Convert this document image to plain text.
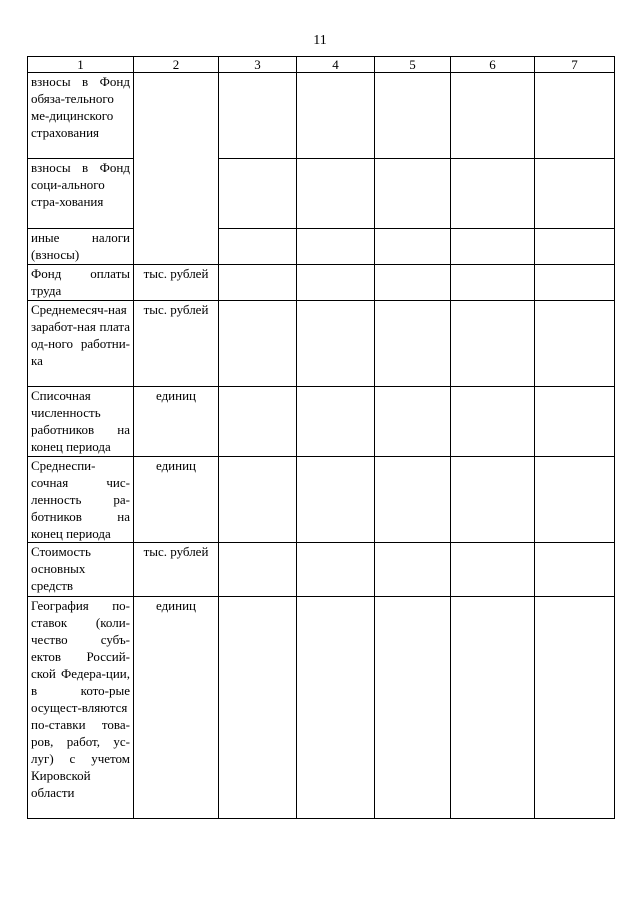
11
1	2	3	4	5	6	7
взносы в Фонд обяза-тельного ме-дицинского страхования						
взносы в Фонд соци-ального стра-хования						
иные налоги (взносы)						
Фонд оплаты труда	тыс. рублей					
Среднемесяч-ная заработ-ная плата од-ного работни-ка	тыс. рублей					
Списочная численность работников на конец периода	единиц					
Среднеспи-сочная чис-ленность ра-ботников на конец периода	единиц					
Стоимость основных средств	тыс. рублей					
География по-ставок (коли-чество субъ-ектов Россий-ской Федера-ции, в кото-рые осущест-вляются по-ставки това-ров, работ, ус-луг) с учетом Кировской области	единиц					
